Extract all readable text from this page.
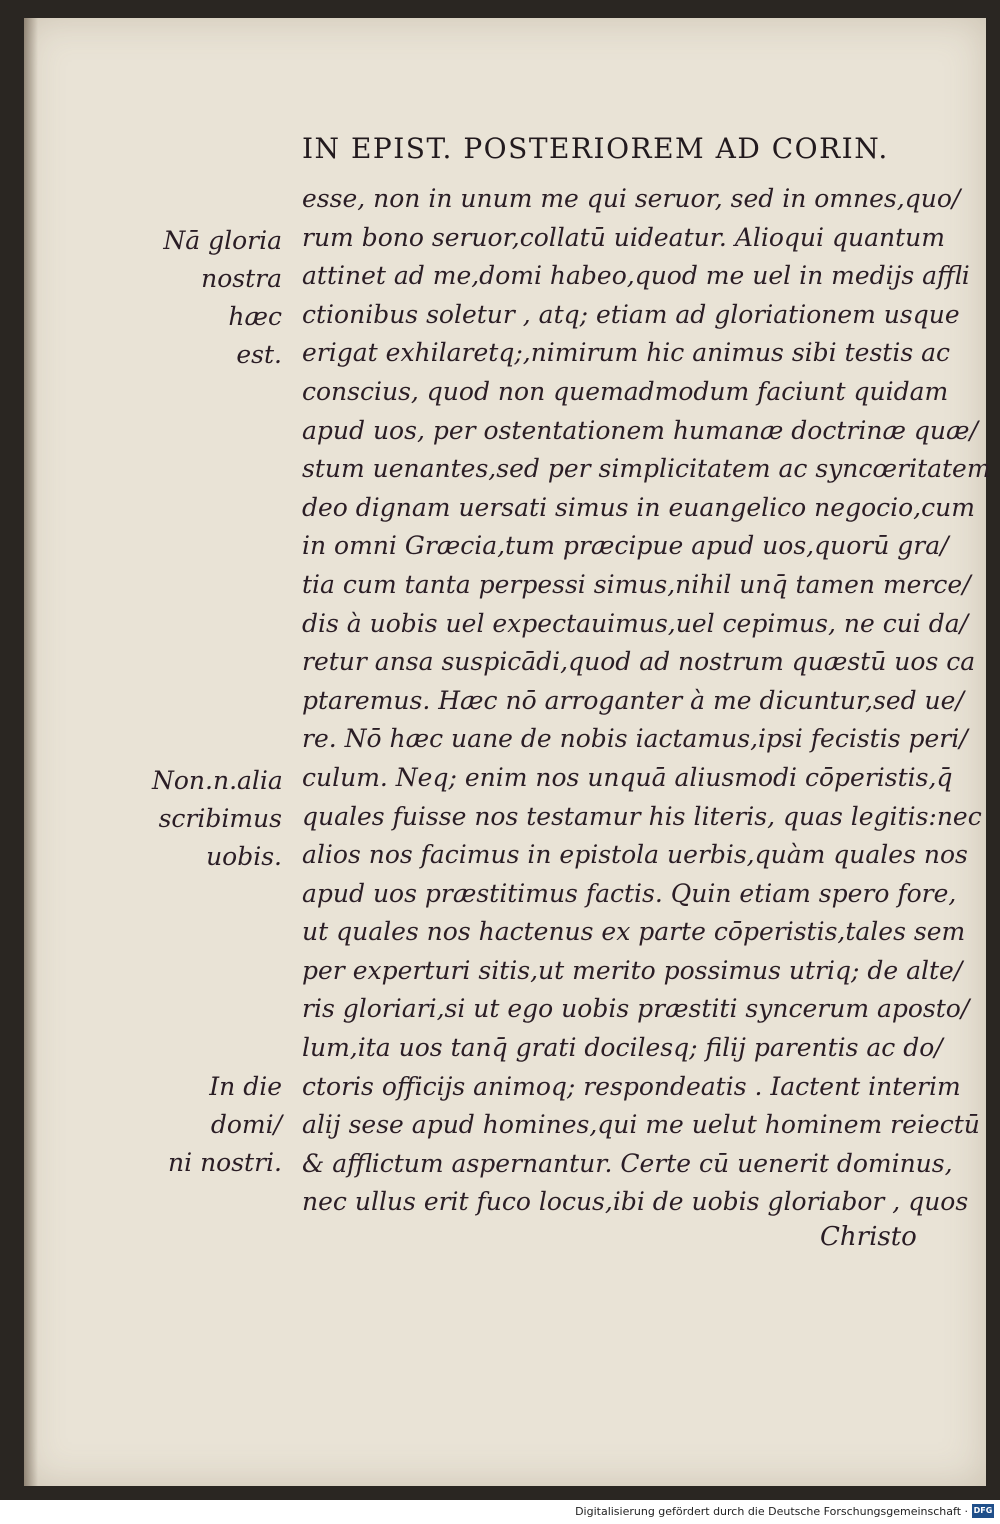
IN EPIST. POSTERIOREM AD CORIN.
esse, non in unum me qui seruor, sed in omnes,quo/
rum bono seruor,collatū uideatur. Alioqui quantum
attinet ad me,domi habeo,quod me uel in medijs affli
ctionibus soletur , atq; etiam ad gloriationem usque
erigat exhilaretq;,nimirum hic animus sibi testis ac
conscius, quod non quemadmodum faciunt quidam
apud uos, per ostentationem humanæ doctrinæ quæ/
stum uenantes,sed per simplicitatem ac syncœritatem
deo dignam uersati simus in euangelico negocio,cum
in omni Græcia,tum præcipue apud uos,quorū gra/
tia cum tanta perpessi simus,nihil unq̄ tamen merce/
dis à uobis uel expectauimus,uel cepimus, ne cui da/
retur ansa suspicādi,quod ad nostrum quæstū uos ca
ptaremus. Hæc nō arroganter à me dicuntur,sed ue/
re. Nō hæc uane de nobis iactamus,ipsi fecistis peri/
culum. Neq; enim nos unquā aliusmodi cōperistis,q̄
quales fuisse nos testamur his literis, quas legitis:nec
alios nos facimus in epistola uerbis,quàm quales nos
apud uos præstitimus factis. Quin etiam spero fore,
ut quales nos hactenus ex parte cōperistis,tales sem
per experturi sitis,ut merito possimus utriq; de alte/
ris gloriari,si ut ego uobis præstiti syncerum aposto/
lum,ita uos tanq̄ grati docilesq; filij parentis ac do/
ctoris officijs animoq; respondeatis . Iactent interim
alij sese apud homines,qui me uelut hominem reiectū
& afflictum aspernantur. Certe cū uenerit dominus,
nec ullus erit fuco locus,ibi de uobis gloriabor , quos
Christo
Nā gloria
nostra hæc
est.
Non.n.alia
scribimus
uobis.
In die domi/
ni nostri.
Digitalisierung gefördert durch die Deutsche Forschungsgemeinschaft · DFG
